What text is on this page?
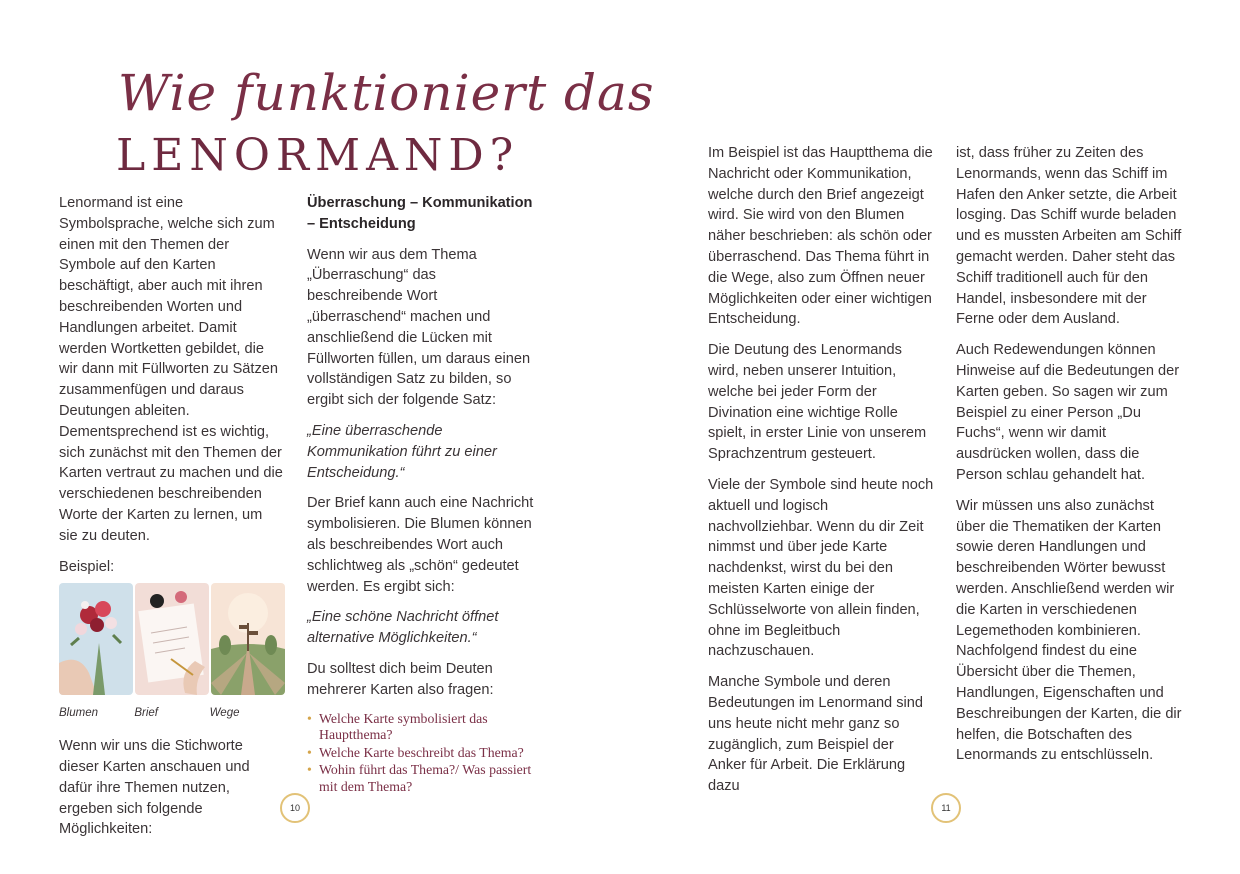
Wie funktioniert das
LENORMAND?

Lenormand ist eine Symbolsprache, welche sich zum einen mit den Themen der Symbole auf den Karten beschäftigt, aber auch mit ihren beschreibenden Worten und Handlungen arbeitet. Damit werden Wortketten gebildet, die wir dann mit Füllworten zu Sätzen zusammenfügen und daraus Deutungen ableiten. Dementsprechend ist es wichtig, sich zunächst mit den Themen der Karten vertraut zu machen und die verschiedenen beschreibenden Worte der Karten zu lernen, um sie zu deuten.

Beispiel:
Blumen	Brief	Wege

Wenn wir uns die Stichworte dieser Karten anschauen und dafür ihre Themen nutzen, ergeben sich folgende Möglichkeiten:

Überraschung – Kommunikation – Entscheidung

Wenn wir aus dem Thema „Überraschung“ das beschreibende Wort „überraschend“ machen und anschließend die Lücken mit Füllworten füllen, um daraus einen vollständigen Satz zu bilden, so ergibt sich der folgende Satz:

„Eine überraschende Kommunikation führt zu einer Entscheidung.“

Der Brief kann auch eine Nachricht symbolisieren. Die Blumen können als beschreibendes Wort auch schlichtweg als „schön“ gedeutet werden. Es ergibt sich:

„Eine schöne Nachricht öffnet alternative Möglichkeiten.“

Du solltest dich beim Deuten mehrerer Karten also fragen:

• Welche Karte symbolisiert das Hauptthema?
• Welche Karte beschreibt das Thema?
• Wohin führt das Thema?/ Was passiert mit dem Thema?
10

Im Beispiel ist das Hauptthema die Nachricht oder Kommunikation, welche durch den Brief angezeigt wird. Sie wird von den Blumen näher beschrieben: als schön oder überraschend. Das Thema führt in die Wege, also zum Öffnen neuer Möglichkeiten oder einer wichtigen Entscheidung.

Die Deutung des Lenormands wird, neben unserer Intuition, welche bei jeder Form der Divination eine wichtige Rolle spielt, in erster Linie von unserem Sprachzentrum gesteuert.

Viele der Symbole sind heute noch aktuell und logisch nachvollziehbar. Wenn du dir Zeit nimmst und über jede Karte nachdenkst, wirst du bei den meisten Karten einige der Schlüsselworte von allein finden, ohne im Begleitbuch nachzuschauen.

Manche Symbole und deren Bedeutungen im Lenormand sind uns heute nicht mehr ganz so zugänglich, zum Beispiel der Anker für Arbeit. Die Erklärung dazu

ist, dass früher zu Zeiten des Lenormands, wenn das Schiff im Hafen den Anker setzte, die Arbeit losging. Das Schiff wurde beladen und es mussten Arbeiten am Schiff gemacht werden. Daher steht das Schiff traditionell auch für den Handel, insbesondere mit der Ferne oder dem Ausland.

Auch Redewendungen können Hinweise auf die Bedeutungen der Karten geben. So sagen wir zum Beispiel zu einer Person „Du Fuchs“, wenn wir damit ausdrücken wollen, dass die Person schlau gehandelt hat.

Wir müssen uns also zunächst über die Thematiken der Karten sowie deren Handlungen und beschreibenden Wörter bewusst werden. Anschließend werden wir die Karten in verschiedenen Legemethoden kombinieren. Nachfolgend findest du eine Übersicht über die Themen, Handlungen, Eigenschaften und Beschreibungen der Karten, die dir helfen, die Botschaften des Lenormands zu entschlüsseln.

11
